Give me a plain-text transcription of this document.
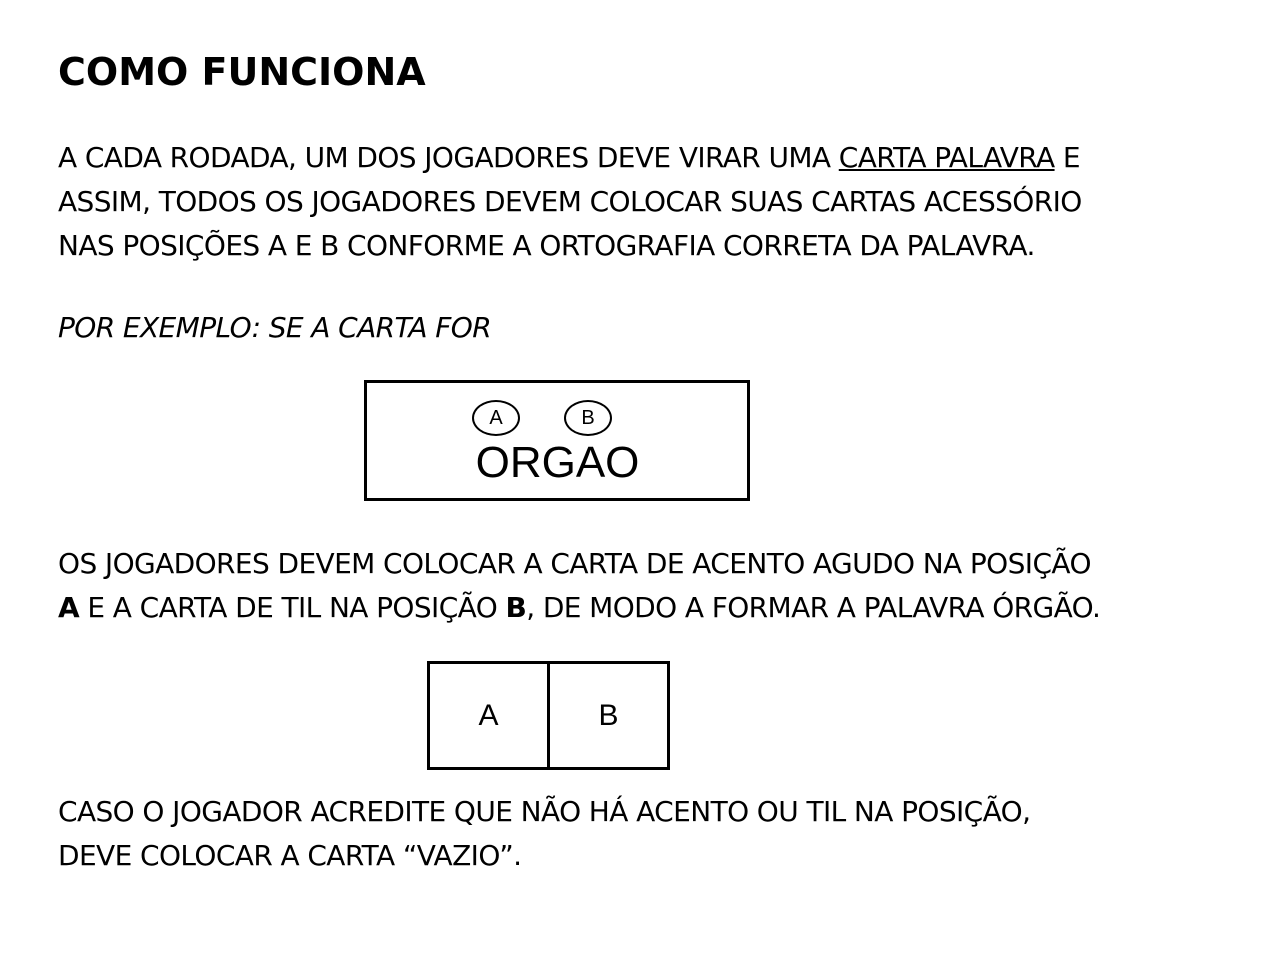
COMO FUNCIONA

A CADA RODADA, UM DOS JOGADORES DEVE VIRAR UMA CARTA PALAVRA E
ASSIM, TODOS OS JOGADORES DEVEM COLOCAR SUAS CARTAS ACESSÓRIO
NAS POSIÇÕES A E B CONFORME A ORTOGRAFIA CORRETA DA PALAVRA.

POR EXEMPLO: SE A CARTA FOR

A	B
ORGAO

OS JOGADORES DEVEM COLOCAR A CARTA DE ACENTO AGUDO NA POSIÇÃO
A E A CARTA DE TIL NA POSIÇÃO B, DE MODO A FORMAR A PALAVRA ÓRGÃO.

A	B

CASO O JOGADOR ACREDITE QUE NÃO HÁ ACENTO OU TIL NA POSIÇÃO,
DEVE COLOCAR A CARTA “VAZIO”.
